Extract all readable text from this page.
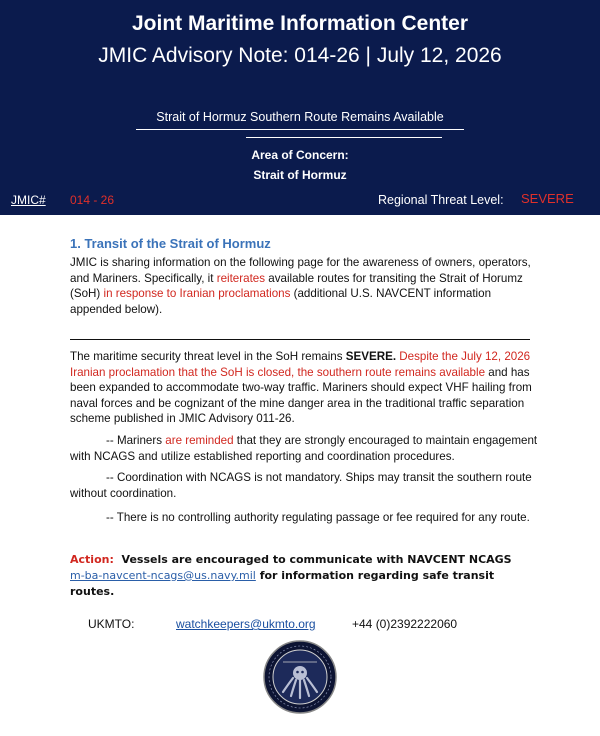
Joint Maritime Information Center
JMIC Advisory Note: 014-26 | July 12, 2026
Strait of Hormuz Southern Route Remains Available
Area of Concern:
Strait of Hormuz
JMIC# 014 - 26	Regional Threat Level: SEVERE
1. Transit of the Strait of Hormuz
JMIC is sharing information on the following page for the awareness of owners, operators, and Mariners. Specifically, it reiterates available routes for transiting the Strait of Horumz (SoH) in response to Iranian proclamations (additional U.S. NAVCENT information appended below).
The maritime security threat level in the SoH remains SEVERE. Despite the July 12, 2026 Iranian proclamation that the SoH is closed, the southern route remains available and has been expanded to accommodate two-way traffic. Mariners should expect VHF hailing from naval forces and be cognizant of the mine danger area in the traditional traffic separation scheme published in JMIC Advisory 011-26.
-- Mariners are reminded that they are strongly encouraged to maintain engagement with NCAGS and utilize established reporting and coordination procedures.
-- Coordination with NCAGS is not mandatory. Ships may transit the southern route without coordination.
-- There is no controlling authority regulating passage or fee required for any route.
Action: Vessels are encouraged to communicate with NAVCENT NCAGS m-ba-navcent-ncags@us.navy.mil for information regarding safe transit routes.
UKMTO:	watchkeepers@ukmto.org	+44 (0)2392222060
